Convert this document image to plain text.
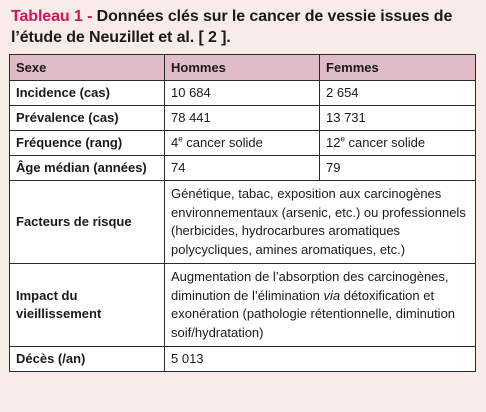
Tableau 1 - Données clés sur le cancer de vessie issues de l’étude de Neuzillet et al. [ 2 ].
Sexe	Hommes	Femmes
Incidence (cas)	10 684	2 654
Prévalence (cas)	78 441	13 731
Fréquence (rang)	4e cancer solide	12e cancer solide
Âge médian (années)	74	79
Facteurs de risque	Génétique, tabac, exposition aux carcinogènes environnementaux (arsenic, etc.) ou professionnels (herbicides, hydrocarbures aromatiques polycycliques, amines aromatiques, etc.)	
Impact du vieillissement	Augmentation de l’absorption des carcinogènes, diminution de l’élimination via détoxification et exonération (pathologie rétentionnelle, diminution soif/hydratation)	
Décès (/an)	5 013	
